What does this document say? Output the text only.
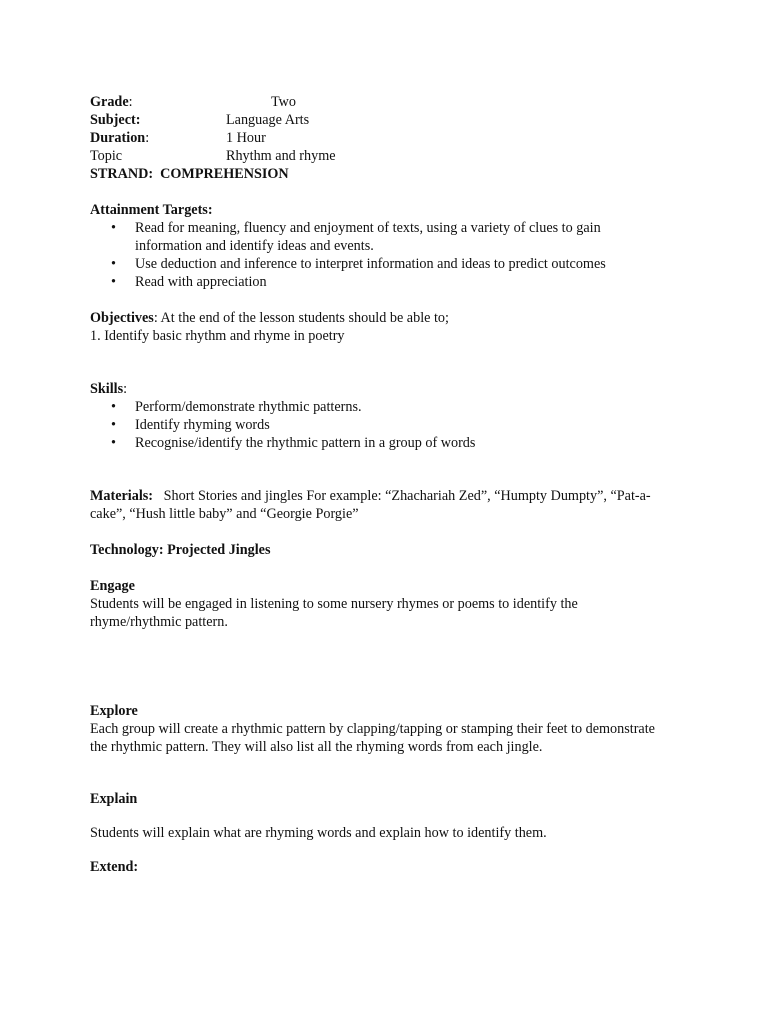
Grade:	Two
Subject:	Language Arts
Duration:	1 Hour
Topic	Rhythm and rhyme
STRAND:  COMPREHENSION
Attainment Targets:
• Read for meaning, fluency and enjoyment of texts, using a variety of clues to gain information and identify ideas and events.
• Use deduction and inference to interpret information and ideas to predict outcomes
• Read with appreciation
Objectives: At the end of the lesson students should be able to;
1. Identify basic rhythm and rhyme in poetry
Skills:
• Perform/demonstrate rhythmic patterns.
• Identify rhyming words
• Recognise/identify the rhythmic pattern in a group of words

Materials:   Short Stories and jingles For example: “Zhachariah Zed”, “Humpty Dumpty”, “Pat-a-cake”, “Hush little baby” and “Georgie Porgie”

Technology: Projected Jingles
Engage

Students will be engaged in listening to some nursery rhymes or poems to identify the rhyme/rhythmic pattern.

Explore

Each group will create a rhythmic pattern by clapping/tapping or stamping their feet to demonstrate the rhythmic pattern. They will also list all the rhyming words from each jingle.

Explain
Students will explain what are rhyming words and explain how to identify them.
Extend:
